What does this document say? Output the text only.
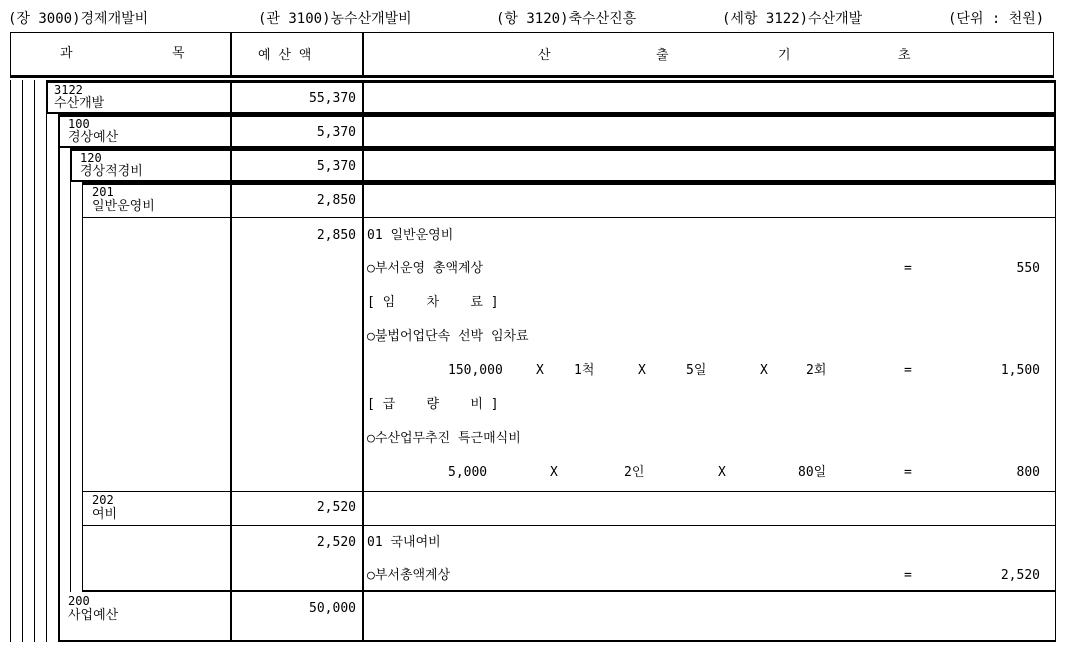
(장 3000)경제개발비	(관 3100)농수산개발비	(항 3120)축수산진흥	(세항 3122)수산개발	(단위 : 천원)
과	목	예 산 액	산	출	기	초
3122
수산개발	55,370
100
경상예산	5,370
120
경상적경비	5,370
201
일반운영비	2,850
2,850 01 일반운영비
○부서운영 총액계상	=	550
[ 임    차    료 ]
○불법어업단속 선박 임차료
150,000	X 1척	X	5일	X	2회	=	1,500
[ 급    량    비 ]
○수산업무추진 특근매식비
5,000	X	2인	X	80일	=	800
202
여비	2,520
2,520 01 국내여비
○부서총액계상	=	2,520
200
사업예산	50,000
